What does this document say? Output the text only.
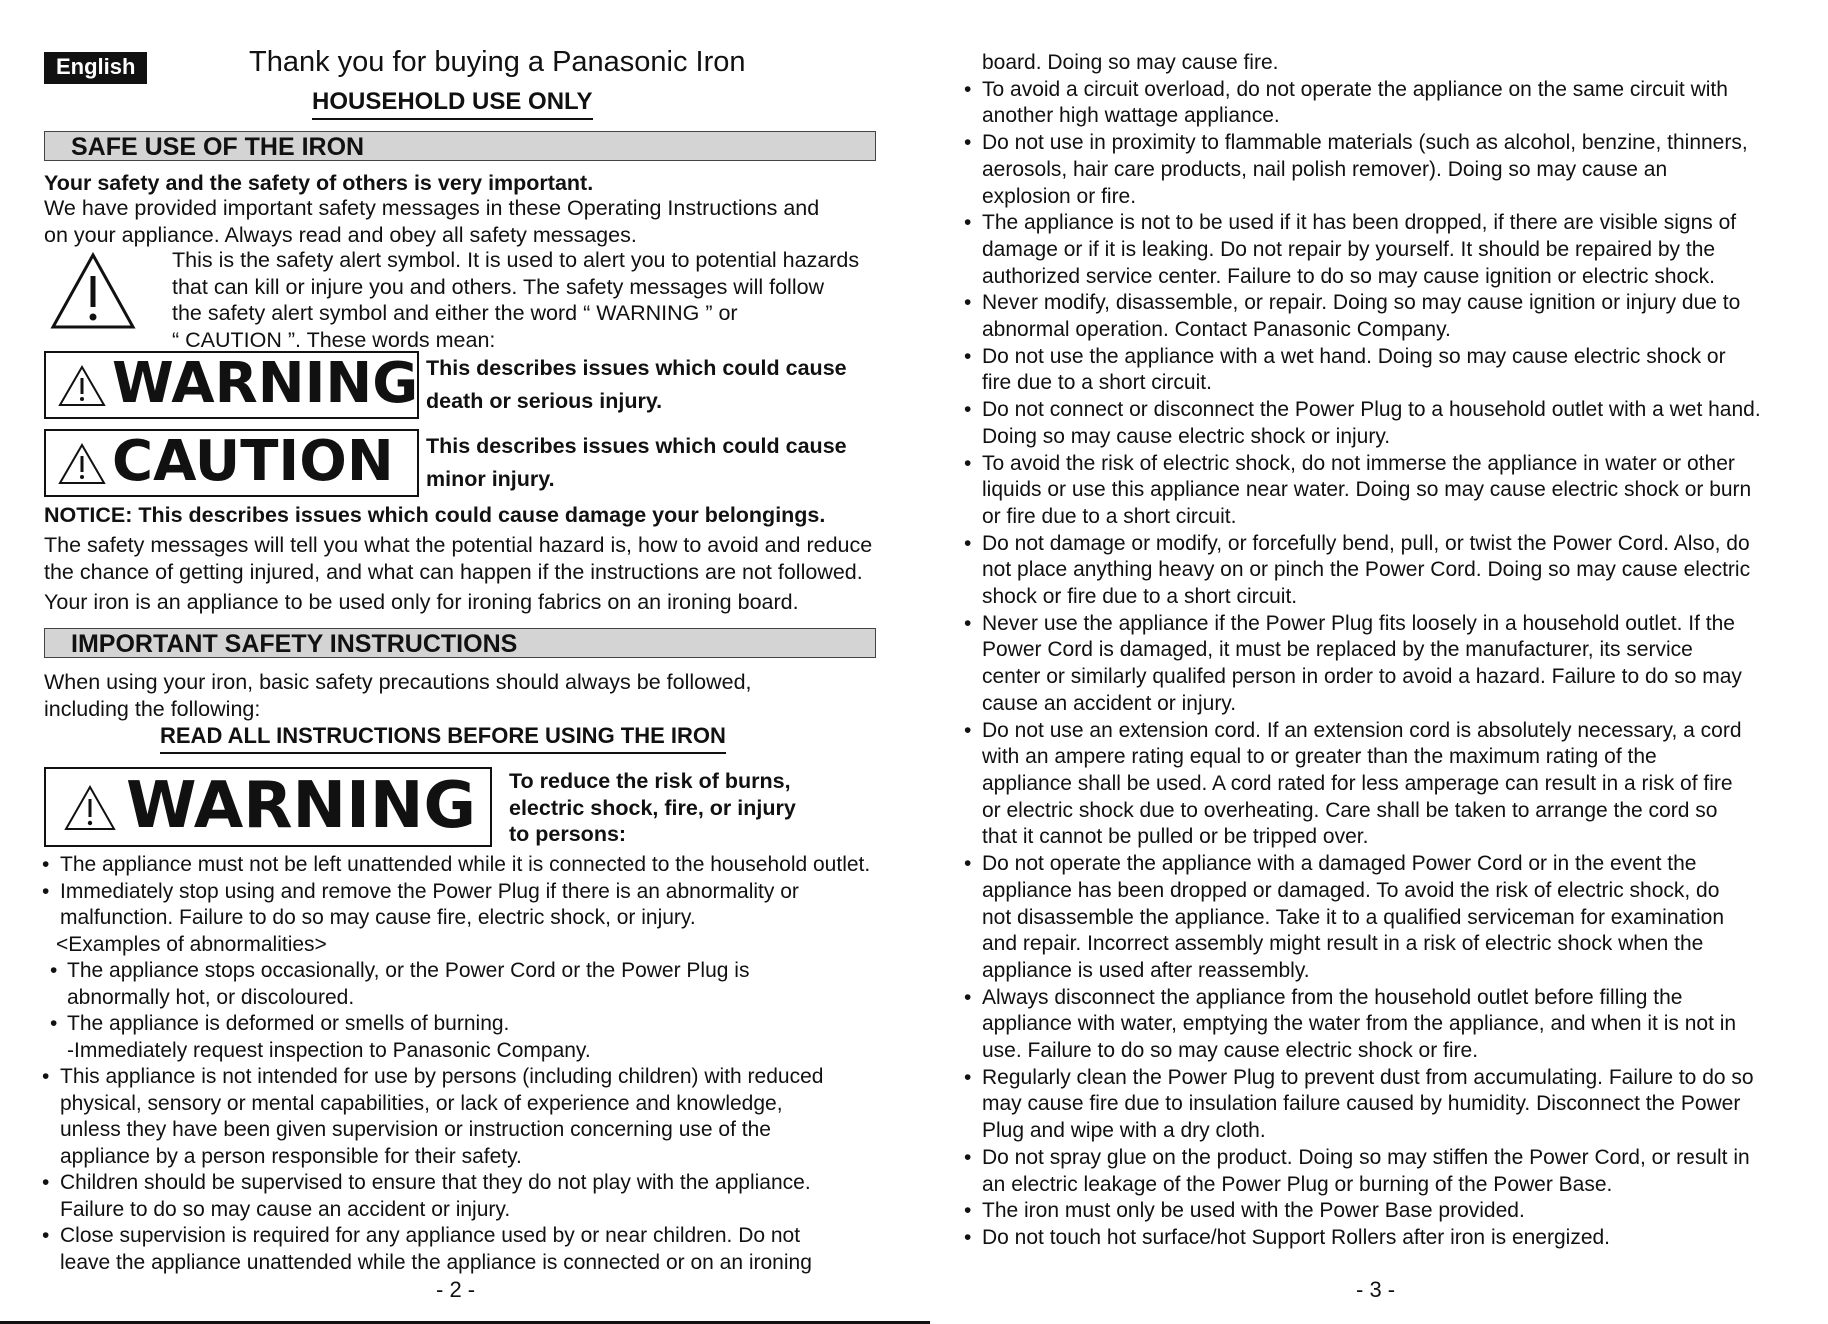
English	Thank you for buying a Panasonic Iron
HOUSEHOLD USE ONLY
SAFE USE OF THE IRON
Your safety and the safety of others is very important.
We have provided important safety messages in these Operating Instructions and
on your appliance. Always read and obey all safety messages.
This is the safety alert symbol. It is used to alert you to potential hazards
that can kill or injure you and others. The safety messages will follow
the safety alert symbol and either the word “ WARNING ” or
“ CAUTION ”. These words mean:
WARNING This describes issues which could cause
death or serious injury.
CAUTION This describes issues which could cause
minor injury.
NOTICE: This describes issues which could cause damage your belongings.
The safety messages will tell you what the potential hazard is, how to avoid and reduce
the chance of getting injured, and what can happen if the instructions are not followed.
Your iron is an appliance to be used only for ironing fabrics on an ironing board.
IMPORTANT SAFETY INSTRUCTIONS
When using your iron, basic safety precautions should always be followed,
including the following:
READ ALL INSTRUCTIONS BEFORE USING THE IRON
WARNING To reduce the risk of burns,
electric shock, fire, or injury
to persons:
• The appliance must not be left unattended while it is connected to the household outlet.
• Immediately stop using and remove the Power Plug if there is an abnormality or
malfunction. Failure to do so may cause fire, electric shock, or injury.
<Examples of abnormalities>
• The appliance stops occasionally, or the Power Cord or the Power Plug is
abnormally hot, or discoloured.
• The appliance is deformed or smells of burning.
-Immediately request inspection to Panasonic Company.
• This appliance is not intended for use by persons (including children) with reduced
physical, sensory or mental capabilities, or lack of experience and knowledge,
unless they have been given supervision or instruction concerning use of the
appliance by a person responsible for their safety.
• Children should be supervised to ensure that they do not play with the appliance.
Failure to do so may cause an accident or injury.
• Close supervision is required for any appliance used by or near children. Do not
leave the appliance unattended while the appliance is connected or on an ironing
- 2 -
board. Doing so may cause fire.
• To avoid a circuit overload, do not operate the appliance on the same circuit with
another high wattage appliance.
• Do not use in proximity to flammable materials (such as alcohol, benzine, thinners,
aerosols, hair care products, nail polish remover). Doing so may cause an
explosion or fire.
• The appliance is not to be used if it has been dropped, if there are visible signs of
damage or if it is leaking. Do not repair by yourself. It should be repaired by the
authorized service center. Failure to do so may cause ignition or electric shock.
• Never modify, disassemble, or repair. Doing so may cause ignition or injury due to
abnormal operation. Contact Panasonic Company.
• Do not use the appliance with a wet hand. Doing so may cause electric shock or
fire due to a short circuit.
• Do not connect or disconnect the Power Plug to a household outlet with a wet hand.
Doing so may cause electric shock or injury.
• To avoid the risk of electric shock, do not immerse the appliance in water or other
liquids or use this appliance near water. Doing so may cause electric shock or burn
or fire due to a short circuit.
• Do not damage or modify, or forcefully bend, pull, or twist the Power Cord. Also, do
not place anything heavy on or pinch the Power Cord. Doing so may cause electric
shock or fire due to a short circuit.
• Never use the appliance if the Power Plug fits loosely in a household outlet. If the
Power Cord is damaged, it must be replaced by the manufacturer, its service
center or similarly qualifed person in order to avoid a hazard. Failure to do so may
cause an accident or injury.
• Do not use an extension cord. If an extension cord is absolutely necessary, a cord
with an ampere rating equal to or greater than the maximum rating of the
appliance shall be used. A cord rated for less amperage can result in a risk of fire
or electric shock due to overheating. Care shall be taken to arrange the cord so
that it cannot be pulled or be tripped over.
• Do not operate the appliance with a damaged Power Cord or in the event the
appliance has been dropped or damaged. To avoid the risk of electric shock, do
not disassemble the appliance. Take it to a qualified serviceman for examination
and repair. Incorrect assembly might result in a risk of electric shock when the
appliance is used after reassembly.
• Always disconnect the appliance from the household outlet before filling the
appliance with water, emptying the water from the appliance, and when it is not in
use. Failure to do so may cause electric shock or fire.
• Regularly clean the Power Plug to prevent dust from accumulating. Failure to do so
may cause fire due to insulation failure caused by humidity. Disconnect the Power
Plug and wipe with a dry cloth.
• Do not spray glue on the product. Doing so may stiffen the Power Cord, or result in
an electric leakage of the Power Plug or burning of the Power Base.
• The iron must only be used with the Power Base provided.
• Do not touch hot surface/hot Support Rollers after iron is energized.
- 3 -
